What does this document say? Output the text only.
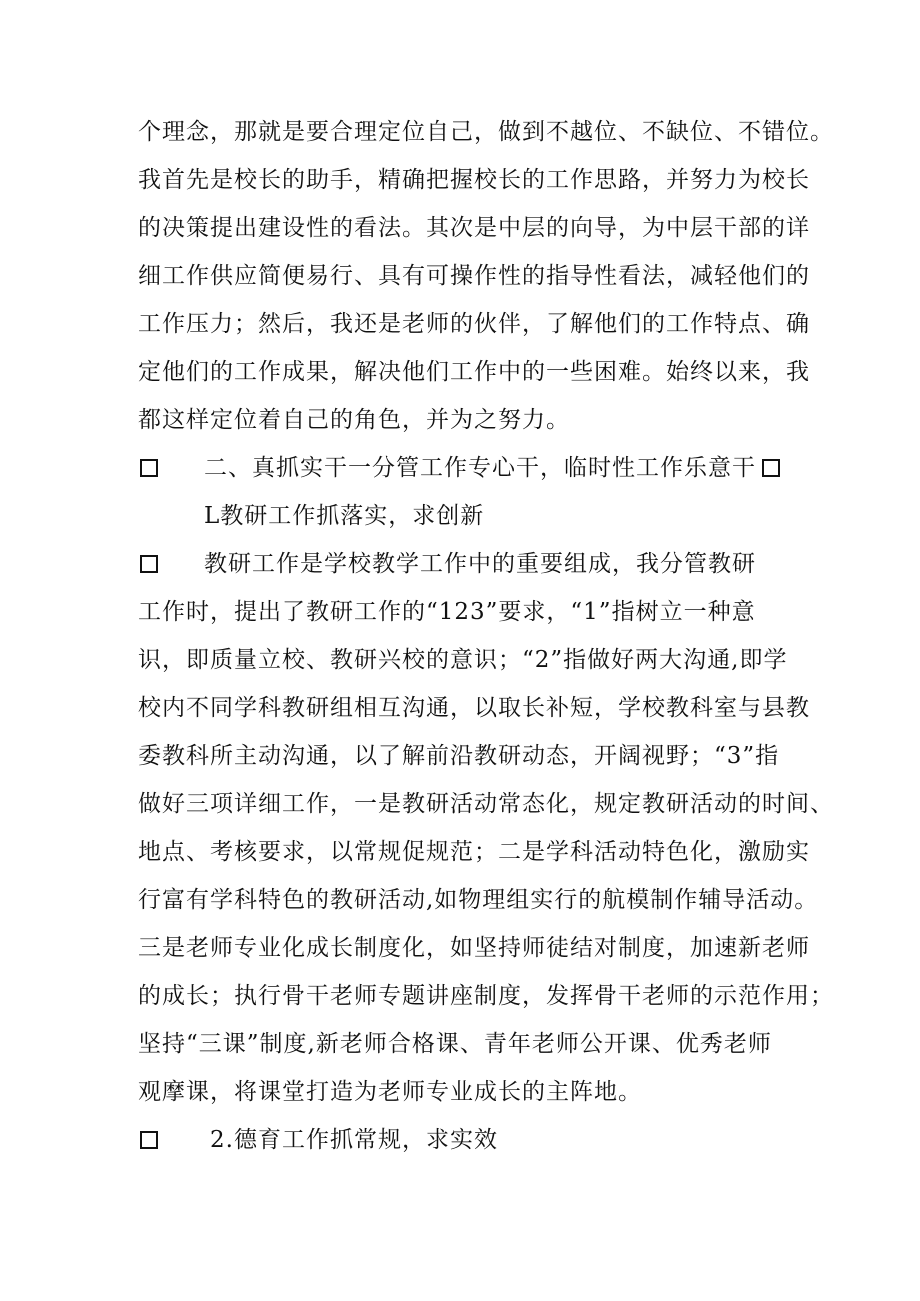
个理念，那就是要合理定位自己，做到不越位、不缺位、不错位。
我首先是校长的助手，精确把握校长的工作思路，并努力为校长
的决策提出建设性的看法。其次是中层的向导，为中层干部的详
细工作供应简便易行、具有可操作性的指导性看法，减轻他们的
工作压力；然后，我还是老师的伙伴，了解他们的工作特点、确
定他们的工作成果，解决他们工作中的一些困难。始终以来，我
都这样定位着自己的角色，并为之努力。
二、真抓实干一分管工作专心干，临时性工作乐意干
L教研工作抓落实，求创新
教研工作是学校教学工作中的重要组成，我分管教研
工作时，提出了教研工作的“123”要求，“1”指树立一种意
识，即质量立校、教研兴校的意识；“2”指做好两大沟通,即学
校内不同学科教研组相互沟通，以取长补短，学校教科室与县教
委教科所主动沟通，以了解前沿教研动态，开阔视野；“3”指
做好三项详细工作，一是教研活动常态化，规定教研活动的时间、
地点、考核要求，以常规促规范；二是学科活动特色化，激励实
行富有学科特色的教研活动,如物理组实行的航模制作辅导活动。
三是老师专业化成长制度化，如坚持师徒结对制度，加速新老师
的成长；执行骨干老师专题讲座制度，发挥骨干老师的示范作用；
坚持“三课”制度,新老师合格课、青年老师公开课、优秀老师
观摩课，将课堂打造为老师专业成长的主阵地。
2.德育工作抓常规，求实效
